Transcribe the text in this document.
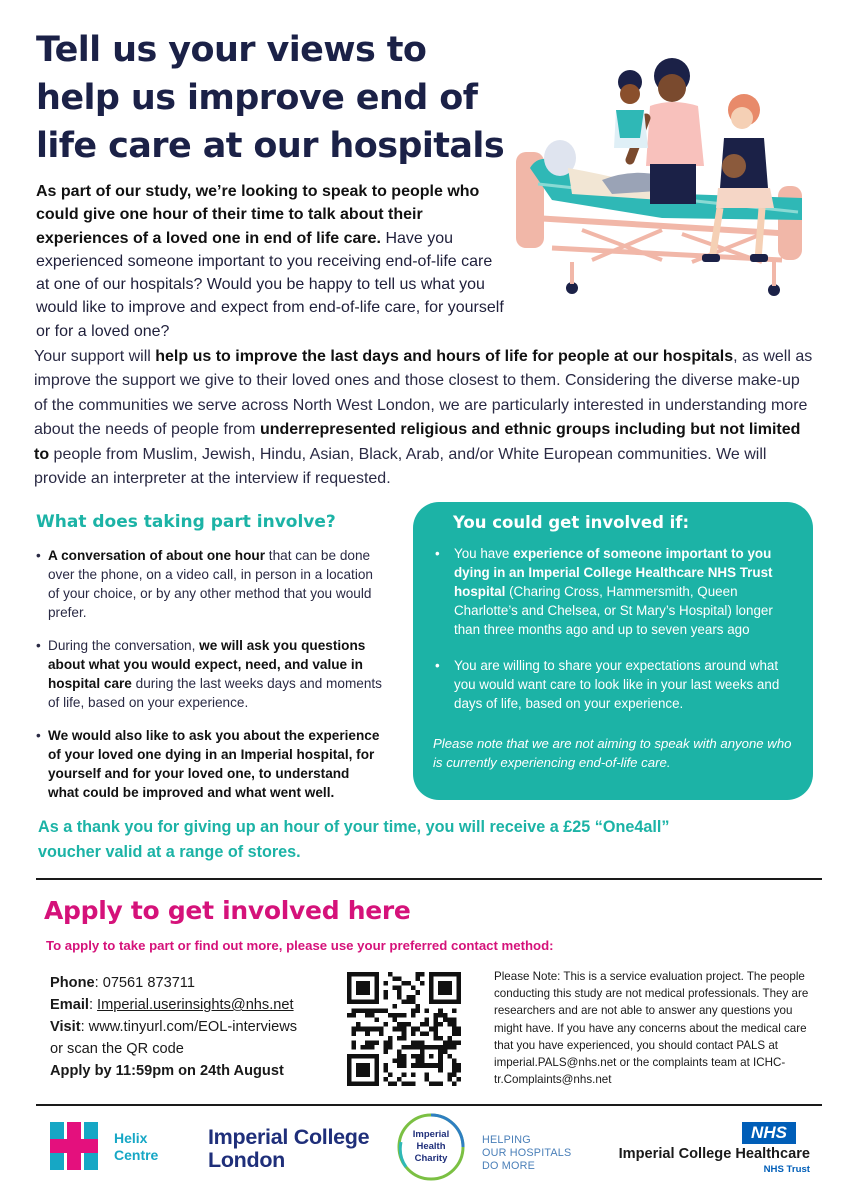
Tell us your views to help us improve end of life care at our hospitals
As part of our study, we’re looking to speak to people who could give one hour of their time to talk about their experiences of a loved one in end of life care. Have you experienced someone important to you receiving end-of-life care at one of our hospitals? Would you be happy to tell us what you would like to improve and expect from end-of-life care, for yourself or for a loved one?
Your support will help us to improve the last days and hours of life for people at our hospitals, as well as improve the support we give to their loved ones and those closest to them. Considering the diverse make-up of the communities we serve across North West London, we are particularly interested in understanding more about the needs of people from underrepresented religious and ethnic groups including but not limited to people from Muslim, Jewish, Hindu, Asian, Black, Arab, and/or White European communities. We will provide an interpreter at the interview if requested.
What does taking part involve?
• A conversation of about one hour that can be done over the phone, on a video call, in person in a location of your choice, or by any other method that you would prefer.
• During the conversation, we will ask you questions about what you would expect, need, and value in hospital care during the last weeks days and moments of life, based on your experience.
• We would also like to ask you about the experience of your loved one dying in an Imperial hospital, for yourself and for your loved one, to understand what could be improved and what went well.
You could get involved if:
• You have experience of someone important to you dying in an Imperial College Healthcare NHS Trust hospital (Charing Cross, Hammersmith, Queen Charlotte’s and Chelsea, or St Mary’s Hospital) longer than three months ago and up to seven years ago
• You are willing to share your expectations around what you would want care to look like in your last weeks and days of life, based on your experience.

Please note that we are not aiming to speak with anyone who is currently experiencing end-of-life care.

As a thank you for giving up an hour of your time, you will receive a £25 “One4all” voucher valid at a range of stores.

Apply to get involved here

To apply to take part or find out more, please use your preferred contact method:

Phone: 07561 873711
Email: Imperial.userinsights@nhs.net
Visit: www.tinyurl.com/EOL-interviews
or scan the QR code
Apply by 11:59pm on 24th August

Please Note: This is a service evaluation project. The people conducting this study are not medical professionals. They are researchers and are not able to answer any questions you might have. If you have any concerns about the medical care that you have experienced, you should contact PALS at imperial.PALS@nhs.net or the complaints team at ICHC-tr.Complaints@nhs.net

Helix
Centre
Imperial College
London
Imperial
Health
Charity
HELPING
OUR HOSPITALS
DO MORE
NHS
Imperial College Healthcare
NHS Trust
